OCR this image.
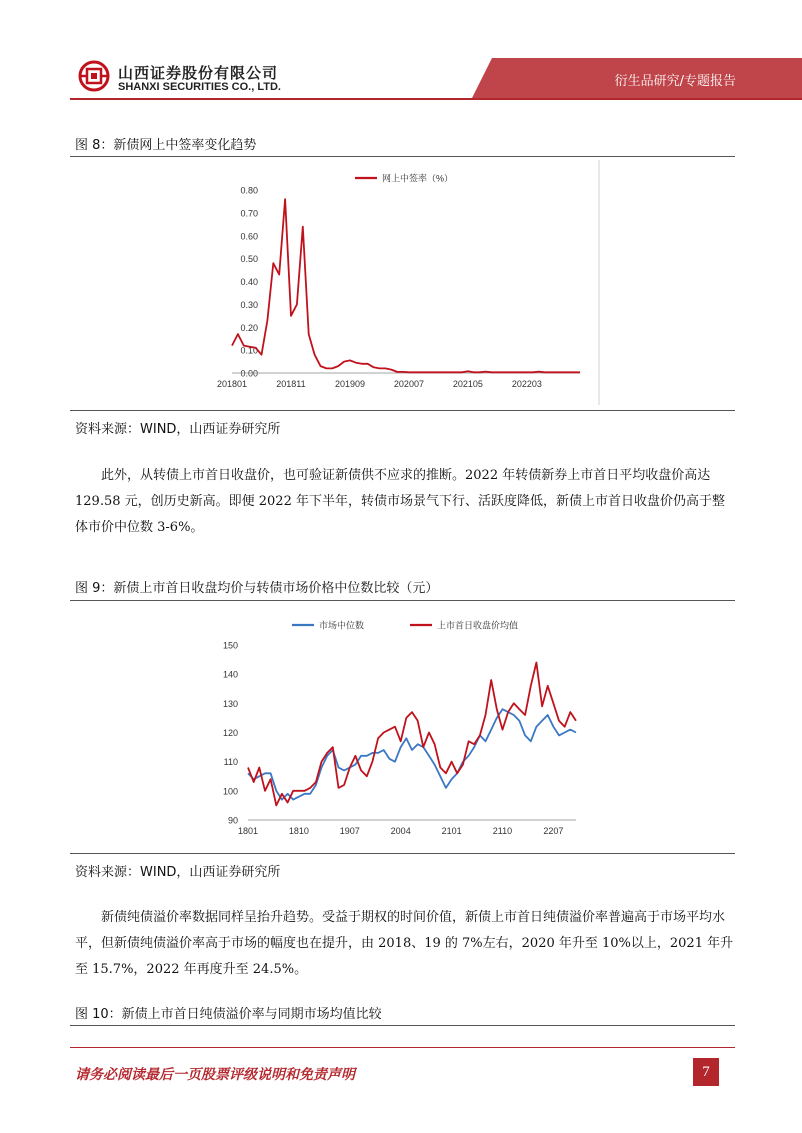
山西证券股份有限公司
SHANXI SECURITIES CO., LTD.	衍生品研究/专题报告
图 8：新债网上中签率变化趋势
0.00
0.10
0.20
0.30
0.40
0.50
0.60
0.70
0.80
201801	201811	201909	202007	202105	202203
网上中签率（%）
资料来源：WIND，山西证券研究所
此外，从转债上市首日收盘价，也可验证新债供不应求的推断。2022 年转债新券上市首日平均收盘价高达 129.58 元，创历史新高。即便 2022 年下半年，转债市场景气下行、活跃度降低，新债上市首日收盘价仍高于整体市价中位数 3-6%。
图 9：新债上市首日收盘均价与转债市场价格中位数比较（元）
90
100
110
120
130
140
150
1801	1810	1907	2004	2101	2110	2207
市场中位数	上市首日收盘价均值
资料来源：WIND，山西证券研究所
新债纯债溢价率数据同样呈抬升趋势。受益于期权的时间价值，新债上市首日纯债溢价率普遍高于市场平均水平，但新债纯债溢价率高于市场的幅度也在提升，由 2018、19 的 7%左右，2020 年升至 10%以上，2021 年升至 15.7%，2022 年再度升至 24.5%。
图 10：新债上市首日纯债溢价率与同期市场均值比较
请务必阅读最后一页股票评级说明和免责声明	7
